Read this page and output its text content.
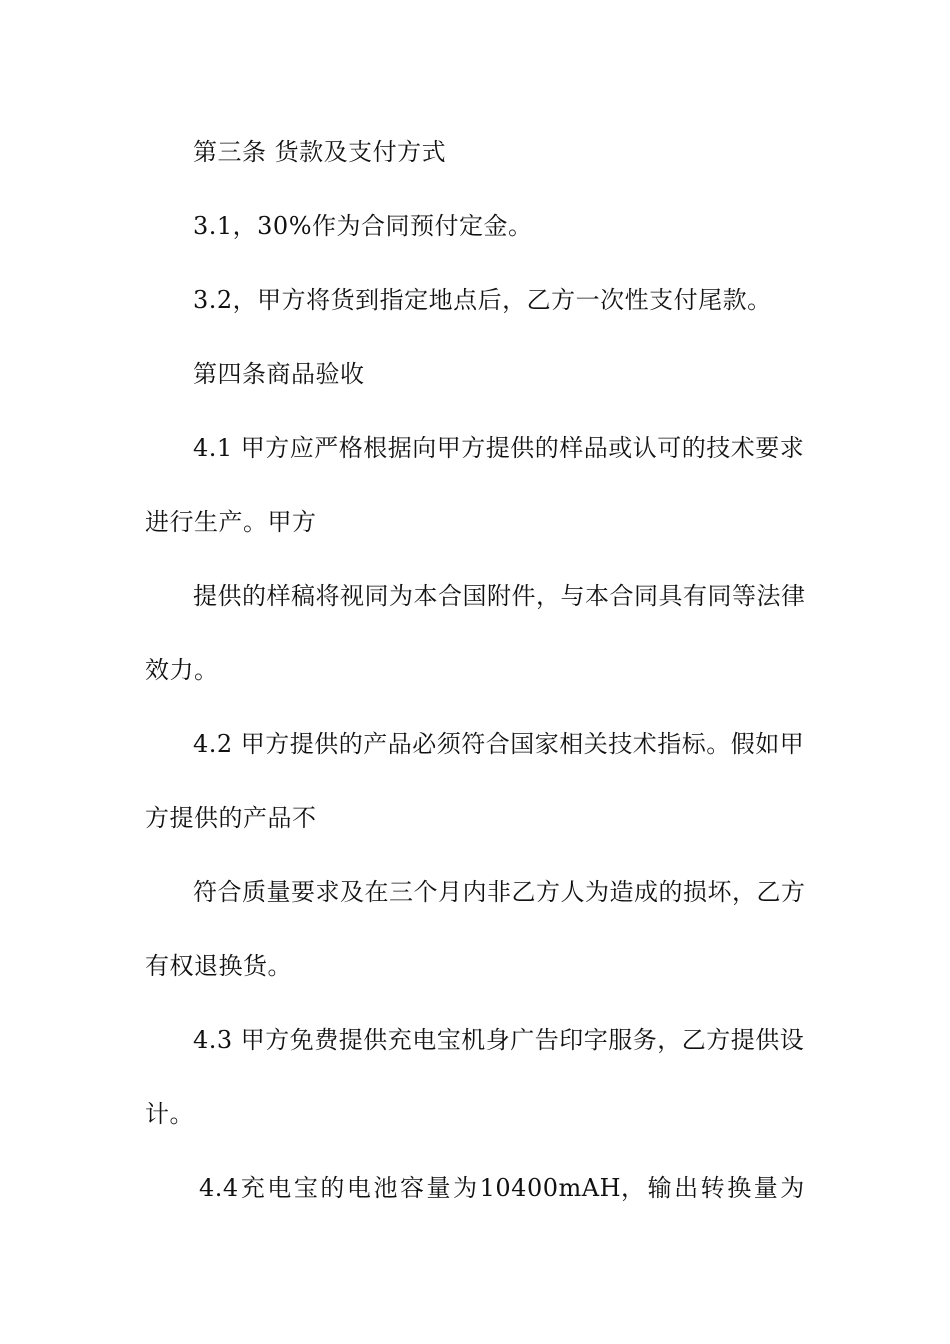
第三条 货款及支付方式
3.1，30%作为合同预付定金。
3.2，甲方将货到指定地点后，乙方一次性支付尾款。
第四条商品验收
4.1 甲方应严格根据向甲方提供的样品或认可的技术要求
进行生产。甲方
提供的样稿将视同为本合国附件，与本合同具有同等法律
效力。
4.2 甲方提供的产品必须符合国家相关技术指标。假如甲
方提供的产品不
符合质量要求及在三个月内非乙方人为造成的损坏，乙方
有权退换货。
4.3 甲方免费提供充电宝机身广告印字服务，乙方提供设
计。
4.4 充 电 宝 的 电 池 容 量 为 10400mAH， 输 出 转 换 量 为
